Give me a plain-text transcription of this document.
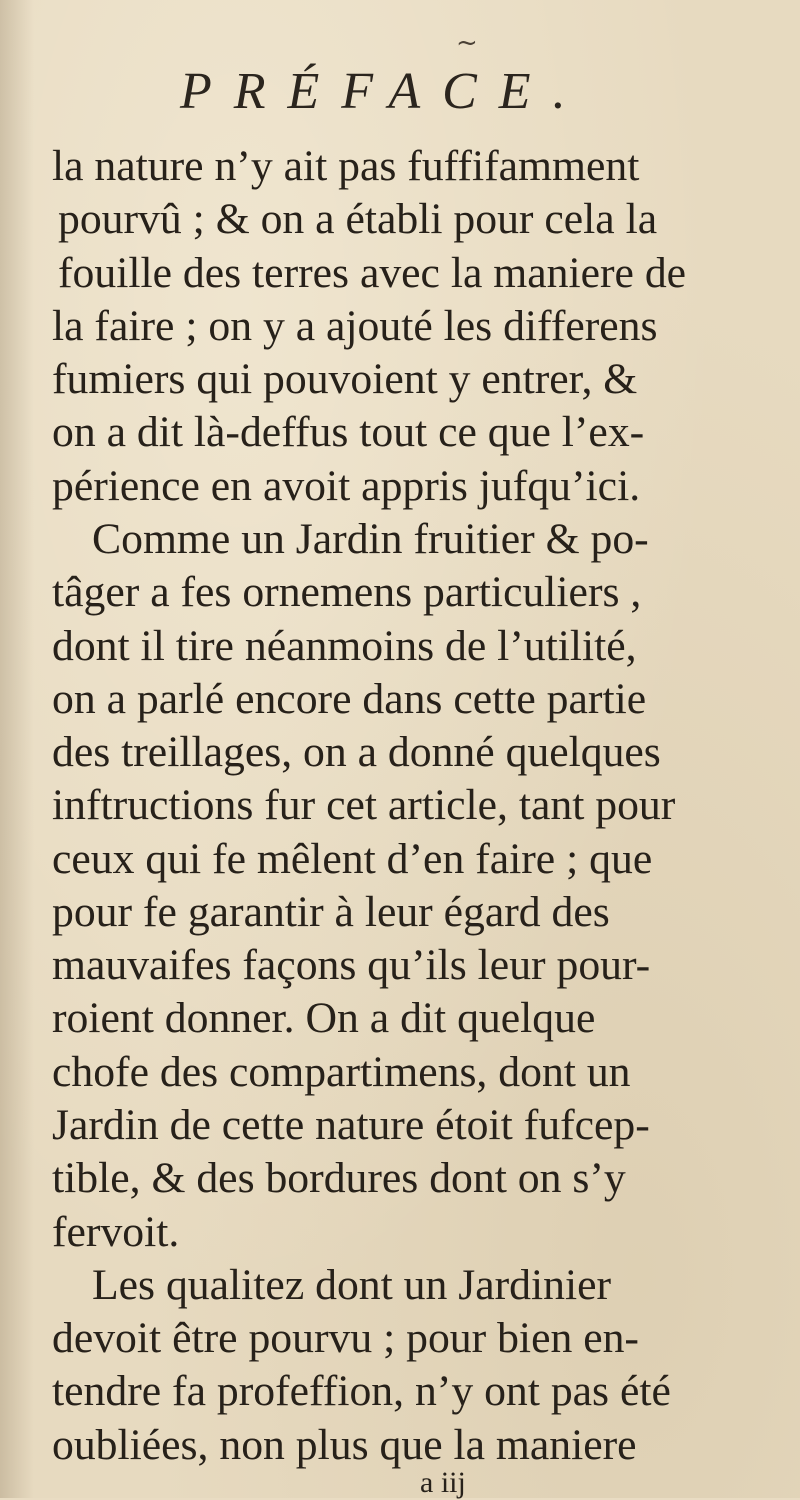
~
PRÉFACE.
la nature n’y ait pas fuffifamment
pourvû ; & on a établi pour cela la
fouille des terres avec la maniere de
la faire ; on y a ajouté les differens
fumiers qui pouvoient y entrer, &
on a dit là-deffus tout ce que l’ex-
périence en avoit appris jufqu’ici.
Comme un Jardin fruitier & po-
tâger a fes ornemens particuliers ,
dont il tire néanmoins de l’utilité,
on a parlé encore dans cette partie
des treillages, on a donné quelques
inftructions fur cet article, tant pour
ceux qui fe mêlent d’en faire ; que
pour fe garantir à leur égard des
mauvaifes façons qu’ils leur pour-
roient donner. On a dit quelque
chofe des compartimens, dont un
Jardin de cette nature étoit fufcep-
tible, & des bordures dont on s’y
fervoit.
Les qualitez dont un Jardinier
devoit être pourvu ; pour bien en-
tendre fa profeffion, n’y ont pas été
oubliées, non plus que la maniere
a iij
